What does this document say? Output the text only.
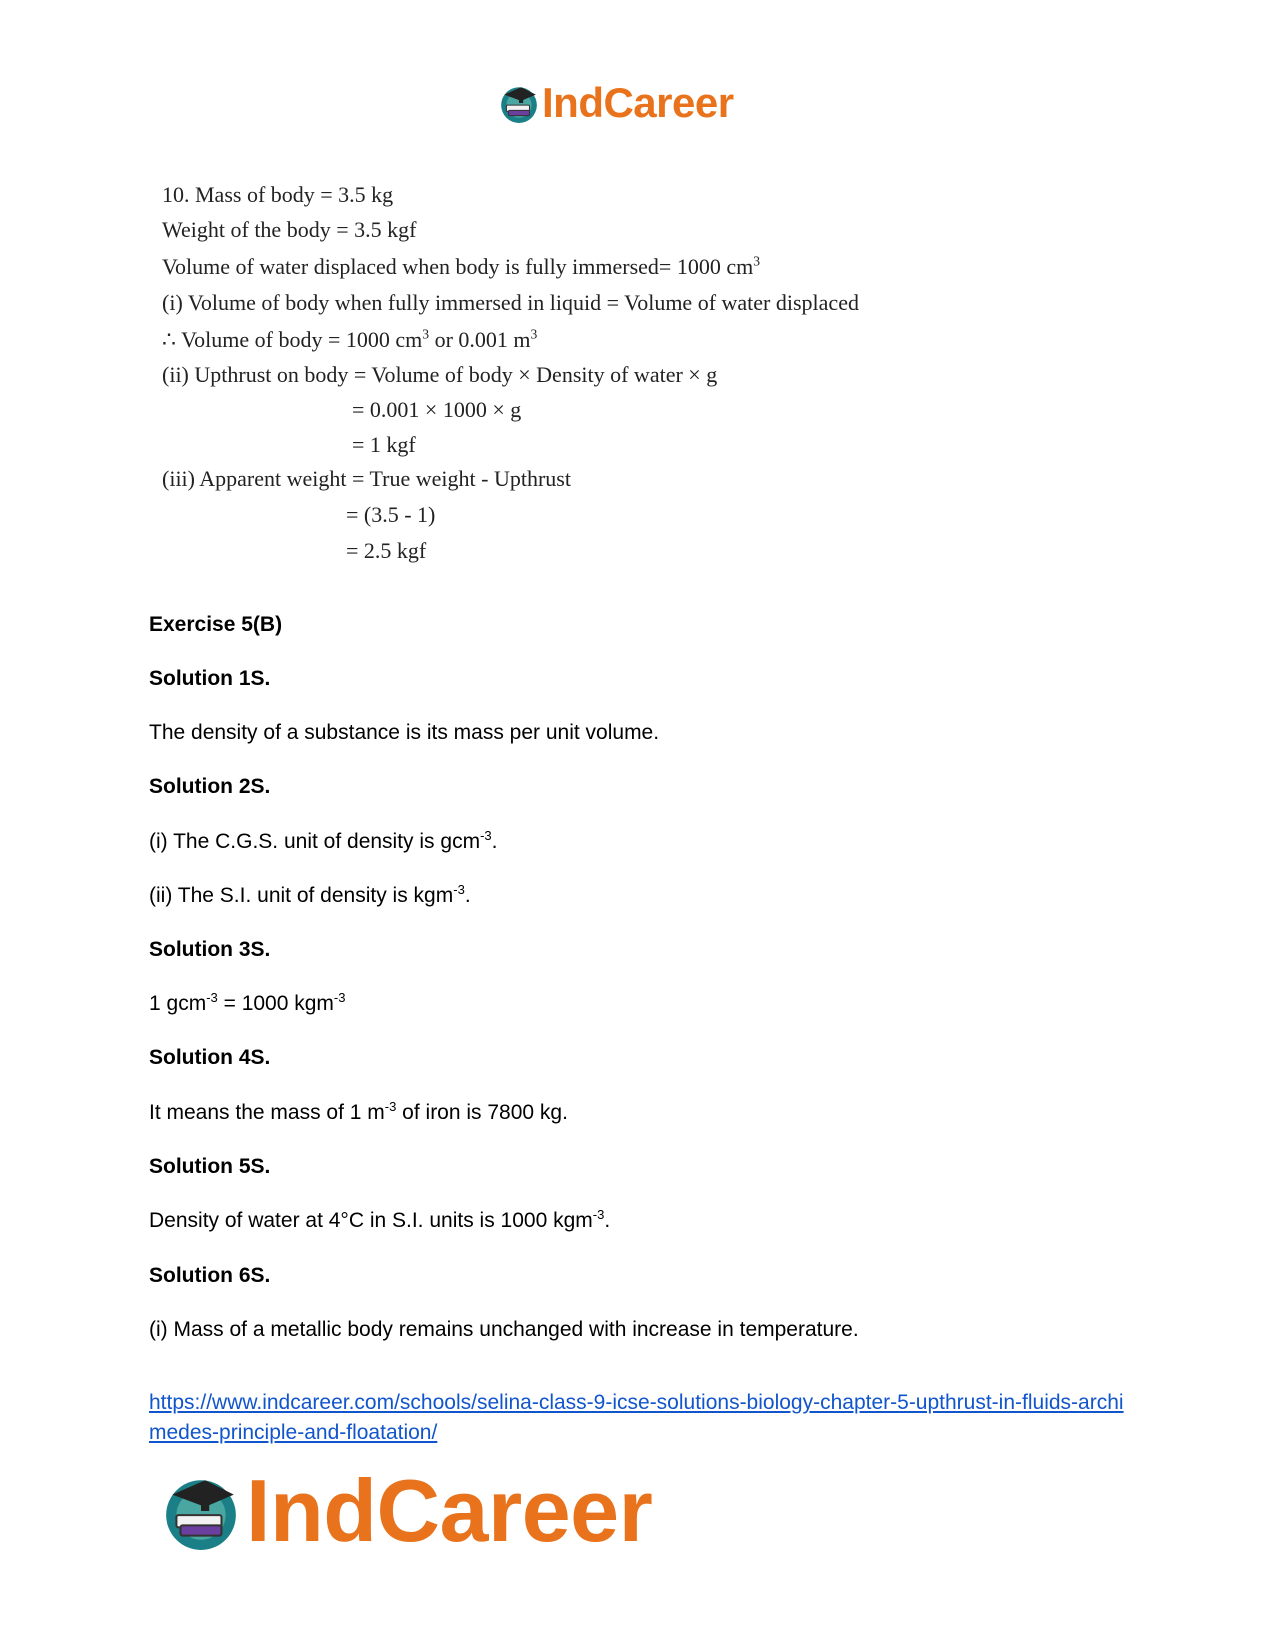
IndCareer
10. Mass of body = 3.5 kg
Weight of the body = 3.5 kgf
Volume of water displaced when body is fully immersed= 1000 $cm^3$
(i) Volume of body when fully immersed in liquid = Volume of water displaced
∴ Volume of body = 1000 $cm^3$ or 0.001 $m^3$
(ii) Upthrust on body = Volume of body × Density of water × g
= 0.001 × 1000 × g
= 1 kgf
(iii) Apparent weight = True weight - Upthrust
= (3.5 - 1)
= 2.5 kgf
Exercise 5(B)
Solution 1S.
The density of a substance is its mass per unit volume.
Solution 2S.
(i) The C.G.S. unit of density is gcm$^{-3}$.
(ii) The S.I. unit of density is kgm$^{-3}$.
Solution 3S.
1 gcm$^{-3}$ = 1000 kgm$^{-3}$
Solution 4S.
It means the mass of 1 $m^{-3}$ of iron is 7800 kg.
Solution 5S.
Density of water at 4°C in S.I. units is 1000 kgm$^{-3}$.
Solution 6S.
(i) Mass of a metallic body remains unchanged with increase in temperature.
https://www.indcareer.com/schools/selina-class-9-icse-solutions-biology-chapter-5-upthrust-in-fluids-archimedes-principle-and-floatation/
IndCareer
